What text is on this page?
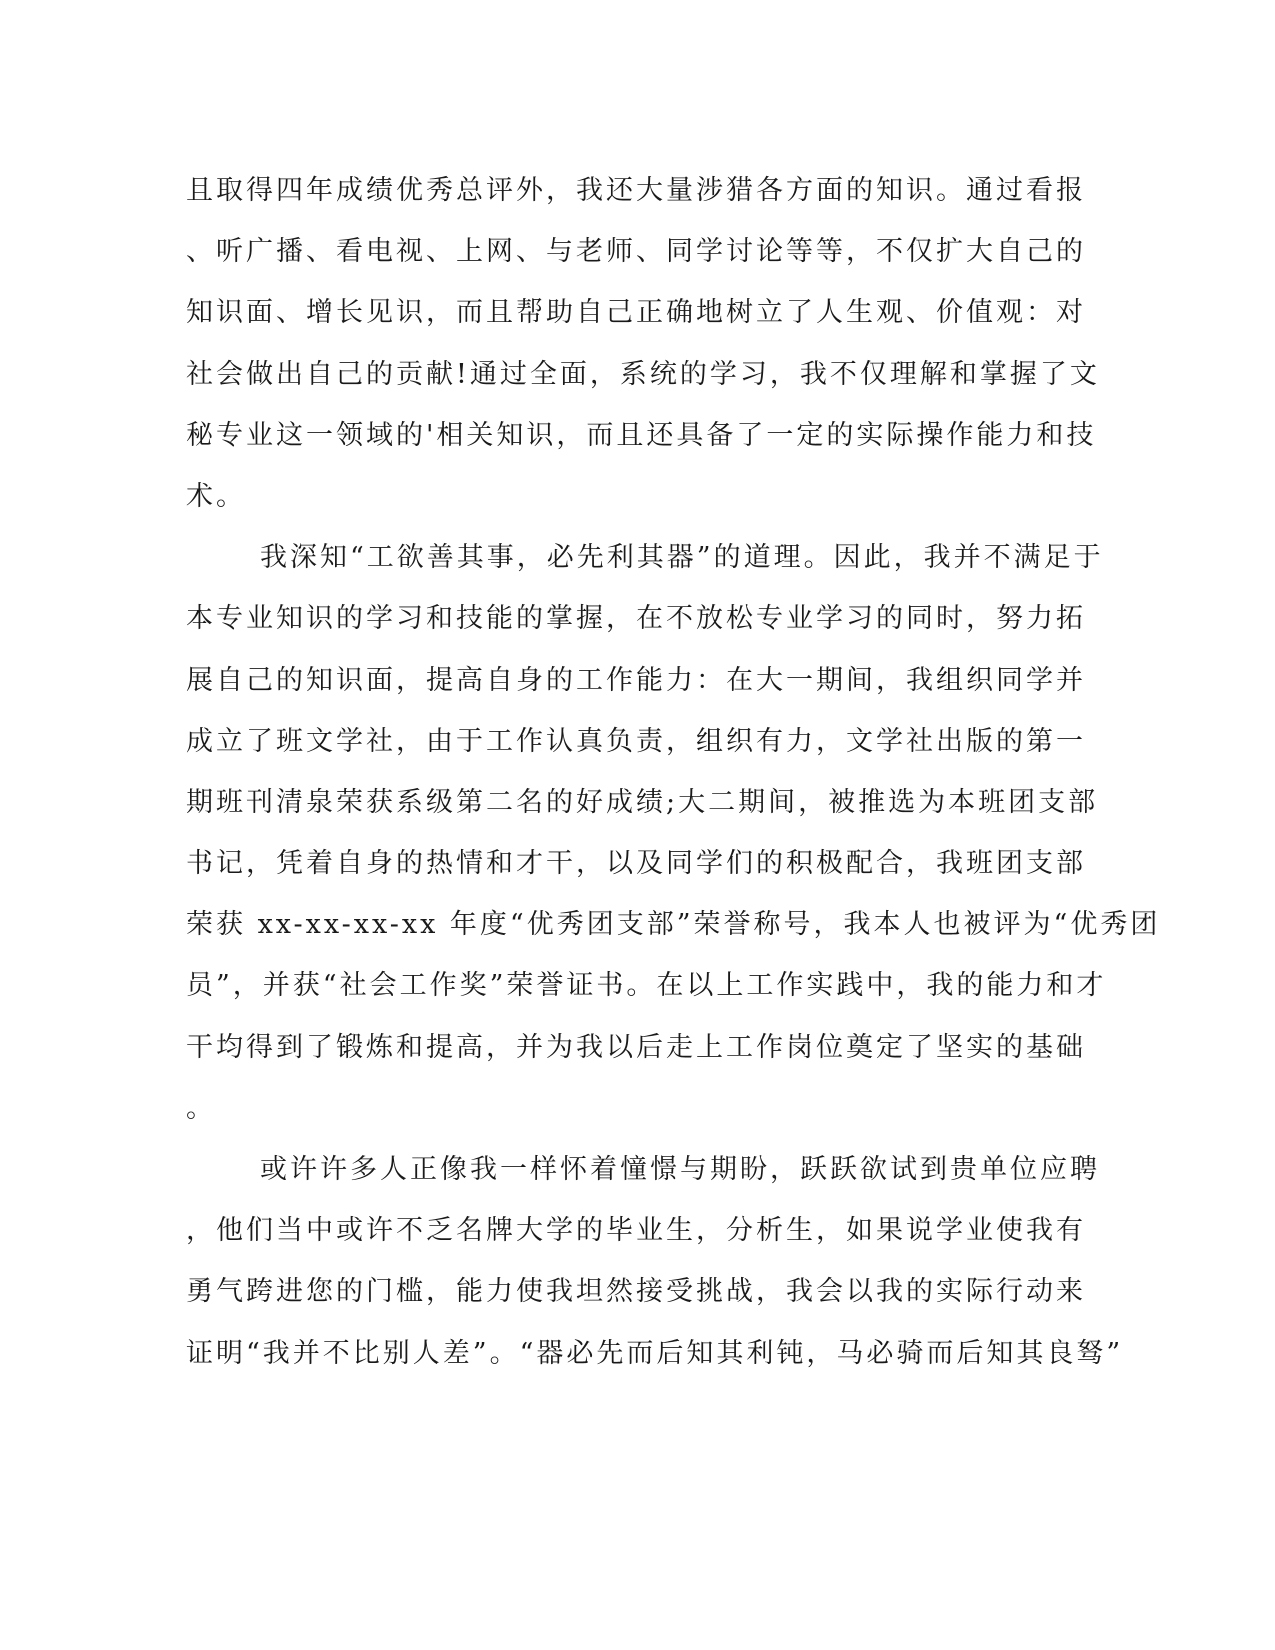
且取得四年成绩优秀总评外，我还大量涉猎各方面的知识。通过看报
、听广播、看电视、上网、与老师、同学讨论等等，不仅扩大自己的
知识面、增长见识，而且帮助自己正确地树立了人生观、价值观：对
社会做出自己的贡献!通过全面，系统的学习，我不仅理解和掌握了文
秘专业这一领域的'相关知识，而且还具备了一定的实际操作能力和技
术。
我深知“工欲善其事，必先利其器”的道理。因此，我并不满足于
本专业知识的学习和技能的掌握，在不放松专业学习的同时，努力拓
展自己的知识面，提高自身的工作能力：在大一期间，我组织同学并
成立了班文学社，由于工作认真负责，组织有力，文学社出版的第一
期班刊清泉荣获系级第二名的好成绩;大二期间，被推选为本班团支部
书记，凭着自身的热情和才干，以及同学们的积极配合，我班团支部
荣获 xx-xx-xx-xx 年度“优秀团支部”荣誉称号，我本人也被评为“优秀团
员”，并获“社会工作奖”荣誉证书。在以上工作实践中，我的能力和才
干均得到了锻炼和提高，并为我以后走上工作岗位奠定了坚实的基础
。
或许许多人正像我一样怀着憧憬与期盼，跃跃欲试到贵单位应聘
，他们当中或许不乏名牌大学的毕业生，分析生，如果说学业使我有
勇气跨进您的门槛，能力使我坦然接受挑战，我会以我的实际行动来
证明“我并不比别人差”。“器必先而后知其利钝，马必骑而后知其良驽”
